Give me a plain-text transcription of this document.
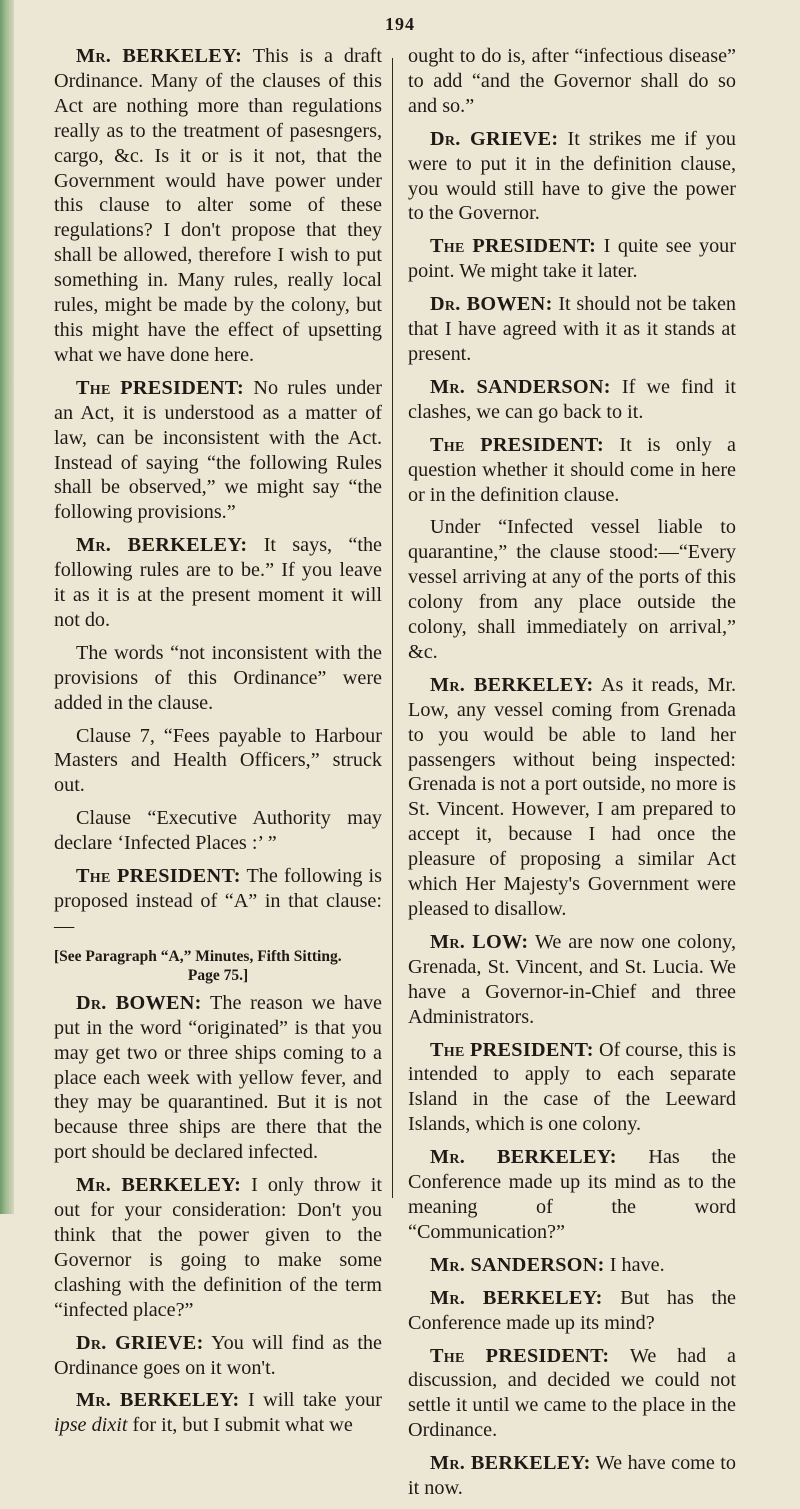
194

Mr. BERKELEY: This is a draft Ordinance. Many of the clauses of this Act are nothing more than regulations really as to the treatment of pasesngers, cargo, &c. Is it or is it not, that the Government would have power under this clause to alter some of these regulations? I don't propose that they shall be allowed, therefore I wish to put something in. Many rules, really local rules, might be made by the colony, but this might have the effect of upsetting what we have done here.

The PRESIDENT: No rules under an Act, it is understood as a matter of law, can be inconsistent with the Act. Instead of saying “the following Rules shall be observed,” we might say “the following provisions.”

Mr. BERKELEY: It says, “the following rules are to be.” If you leave it as it is at the present moment it will not do.

The words “not inconsistent with the provisions of this Ordinance” were added in the clause.

Clause 7, “Fees payable to Harbour Masters and Health Officers,” struck out.

Clause “Executive Authority may declare ‘Infected Places :’ ”

The PRESIDENT: The following is proposed instead of “A” in that clause:—

[See Paragraph “A,” Minutes, Fifth Sitting.
Page 75.]

Dr. BOWEN: The reason we have put in the word “originated” is that you may get two or three ships coming to a place each week with yellow fever, and they may be quarantined. But it is not because three ships are there that the port should be declared infected.

Mr. BERKELEY: I only throw it out for your consideration: Don't you think that the power given to the Governor is going to make some clashing with the definition of the term “infected place?”

Dr. GRIEVE: You will find as the Ordinance goes on it won't.

Mr. BERKELEY: I will take your ipse dixit for it, but I submit what we

ought to do is, after “infectious disease” to add “and the Governor shall do so and so.”

Dr. GRIEVE: It strikes me if you were to put it in the definition clause, you would still have to give the power to the Governor.

The PRESIDENT: I quite see your point. We might take it later.

Dr. BOWEN: It should not be taken that I have agreed with it as it stands at present.

Mr. SANDERSON: If we find it clashes, we can go back to it.

The PRESIDENT: It is only a question whether it should come in here or in the definition clause.

Under “Infected vessel liable to quarantine,” the clause stood:—“Every vessel arriving at any of the ports of this colony from any place outside the colony, shall immediately on arrival,” &c.

Mr. BERKELEY: As it reads, Mr. Low, any vessel coming from Grenada to you would be able to land her passengers without being inspected: Grenada is not a port outside, no more is St. Vincent. However, I am prepared to accept it, because I had once the pleasure of proposing a similar Act which Her Majesty's Government were pleased to disallow.

Mr. LOW: We are now one colony, Grenada, St. Vincent, and St. Lucia. We have a Governor-in-Chief and three Administrators.

The PRESIDENT: Of course, this is intended to apply to each separate Island in the case of the Leeward Islands, which is one colony.

Mr. BERKELEY: Has the Conference made up its mind as to the meaning of the word “Communication?”

Mr. SANDERSON: I have.

Mr. BERKELEY: But has the Conference made up its mind?

The PRESIDENT: We had a discussion, and decided we could not settle it until we came to the place in the Ordinance.

Mr. BERKELEY: We have come to it now.
